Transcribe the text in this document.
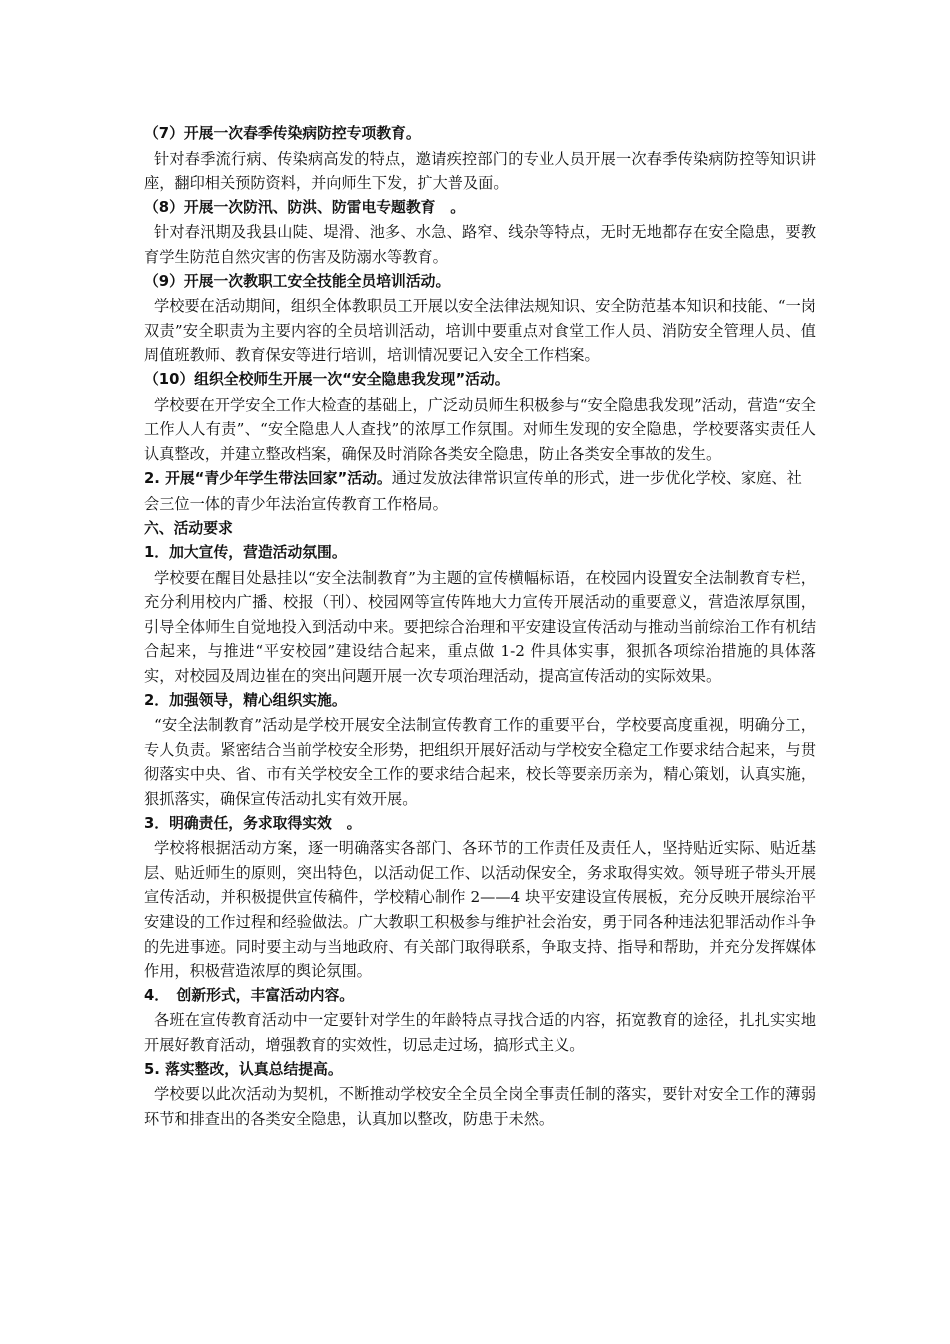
（7）开展一次春季传染病防控专项教育。

针对春季流行病、传染病高发的特点，邀请疾控部门的专业人员开展一次春季传染病防控等知识讲座，翻印相关预防资料，并向师生下发，扩大普及面。

（8）开展一次防汛、防洪、防雷电专题教育　。

针对春汛期及我县山陡、堤滑、池多、水急、路窄、线杂等特点，无时无地都存在安全隐患，要教育学生防范自然灾害的伤害及防溺水等教育。

（9）开展一次教职工安全技能全员培训活动。

学校要在活动期间，组织全体教职员工开展以安全法律法规知识、安全防范基本知识和技能、“一岗双责”安全职责为主要内容的全员培训活动，培训中要重点对食堂工作人员、消防安全管理人员、值周值班教师、教育保安等进行培训，培训情况要记入安全工作档案。

（10）组织全校师生开展一次“安全隐患我发现”活动。

学校要在开学安全工作大检查的基础上，广泛动员师生积极参与“安全隐患我发现”活动，营造“安全工作人人有责”、“安全隐患人人查找”的浓厚工作氛围。对师生发现的安全隐患，学校要落实责任人认真整改，并建立整改档案，确保及时消除各类安全隐患，防止各类安全事故的发生。

2. 开展“青少年学生带法回家”活动。通过发放法律常识宣传单的形式，进一步优化学校、家庭、社会三位一体的青少年法治宣传教育工作格局。

六、活动要求

1．加大宣传，营造活动氛围。

学校要在醒目处悬挂以“安全法制教育”为主题的宣传横幅标语，在校园内设置安全法制教育专栏，充分利用校内广播、校报（刊）、校园网等宣传阵地大力宣传开展活动的重要意义，营造浓厚氛围，引导全体师生自觉地投入到活动中来。要把综合治理和平安建设宣传活动与推动当前综治工作有机结合起来，与推进“平安校园”建设结合起来，重点做 1-2 件具体实事，狠抓各项综治措施的具体落实，对校园及周边崔在的突出问题开展一次专项治理活动，提高宣传活动的实际效果。

2．加强领导，精心组织实施。

“安全法制教育”活动是学校开展安全法制宣传教育工作的重要平台，学校要高度重视，明确分工，专人负责。紧密结合当前学校安全形势，把组织开展好活动与学校安全稳定工作要求结合起来，与贯彻落实中央、省、市有关学校安全工作的要求结合起来，校长等要亲历亲为，精心策划，认真实施，狠抓落实，确保宣传活动扎实有效开展。

3．明确责任，务求取得实效　。

学校将根据活动方案，逐一明确落实各部门、各环节的工作责任及责任人，坚持贴近实际、贴近基层、贴近师生的原则，突出特色，以活动促工作、以活动保安全，务求取得实效。领导班子带头开展宣传活动，并积极提供宣传稿件，学校精心制作 2——4 块平安建设宣传展板，充分反映开展综治平安建设的工作过程和经验做法。广大教职工积极参与维护社会治安，勇于同各种违法犯罪活动作斗争的先进事迹。同时要主动与当地政府、有关部门取得联系，争取支持、指导和帮助，并充分发挥媒体作用，积极营造浓厚的舆论氛围。

4．　创新形式，丰富活动内容。

各班在宣传教育活动中一定要针对学生的年龄特点寻找合适的内容，拓宽教育的途径，扎扎实实地开展好教育活动，增强教育的实效性，切忌走过场，搞形式主义。

5. 落实整改，认真总结提高。

学校要以此次活动为契机，不断推动学校安全全员全岗全事责任制的落实，要针对安全工作的薄弱环节和排查出的各类安全隐患，认真加以整改，防患于未然。
